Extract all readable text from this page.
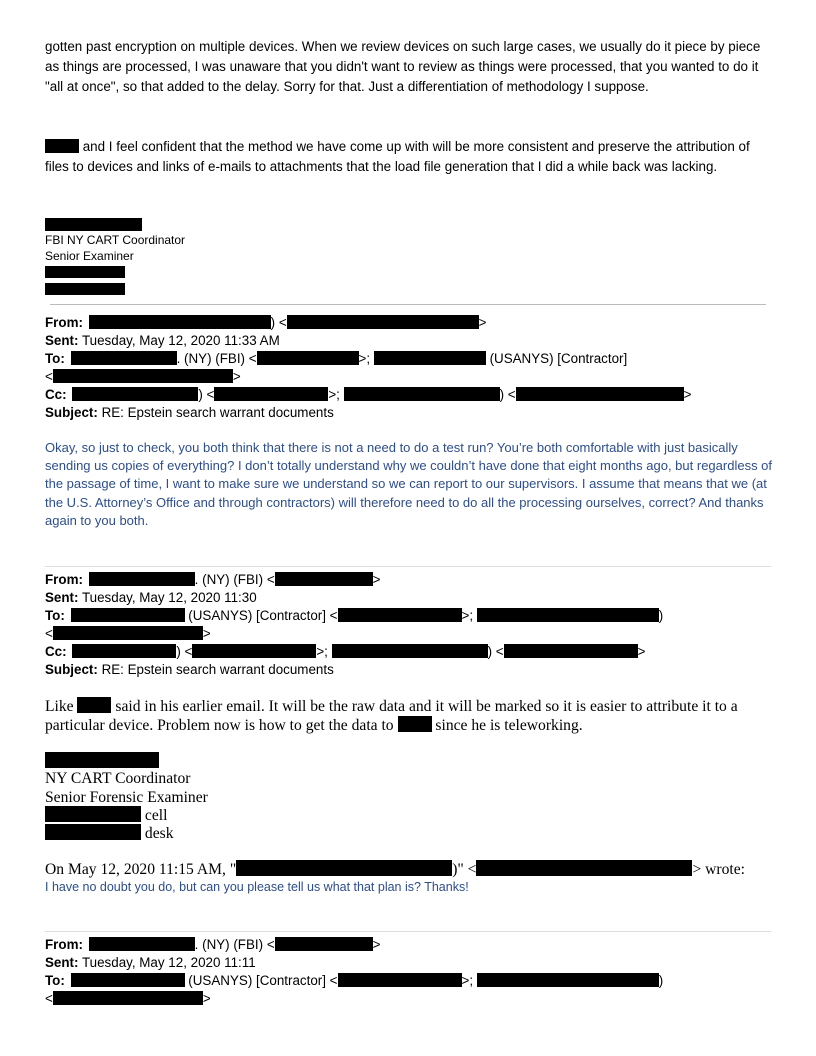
gotten past encryption on multiple devices. When we review devices on such large cases, we usually do it piece by piece as things are processed, I was unaware that you didn't want to review as things were processed, that you wanted to do it "all at once", so that added to the delay. Sorry for that. Just a differentiation of methodology I suppose.
and I feel confident that the method we have come up with will be more consistent and preserve the attribution of files to devices and links of e-mails to attachments that the load file generation that I did a while back was lacking.
FBI NY CART Coordinator
Senior Examiner
From:	) <	>
Sent: Tuesday, May 12, 2020 11:33 AM
To:	. (NY) (FBI) <	>;	(USANYS) [Contractor]
<	>
Cc:	) <	>;	) <	>
Subject: RE: Epstein search warrant documents
Okay, so just to check, you both think that there is not a need to do a test run? You’re both comfortable with just basically sending us copies of everything? I don’t totally understand why we couldn’t have done that eight months ago, but regardless of the passage of time, I want to make sure we understand so we can report to our supervisors. I assume that means that we (at the U.S. Attorney’s Office and through contractors) will therefore need to do all the processing ourselves, correct? And thanks again to you both.
From:	. (NY) (FBI) <	>
Sent: Tuesday, May 12, 2020 11:30
To:	(USANYS) [Contractor] <	>;	)
<	>
Cc:	) <	>;	) <	>
Subject: RE: Epstein search warrant documents
Like  said in his earlier email. It will be the raw data and it will be marked so it is easier to attribute it to a
particular device. Problem now is how to get the data to  since he is teleworking.
NY CART Coordinator
Senior Forensic Examiner
cell
desk
On May 12, 2020 11:15 AM, "	)" <	> wrote:
I have no doubt you do, but can you please tell us what that plan is? Thanks!
From:	. (NY) (FBI) <	>
Sent: Tuesday, May 12, 2020 11:11
To:	(USANYS) [Contractor] <	>;	)
<	>
